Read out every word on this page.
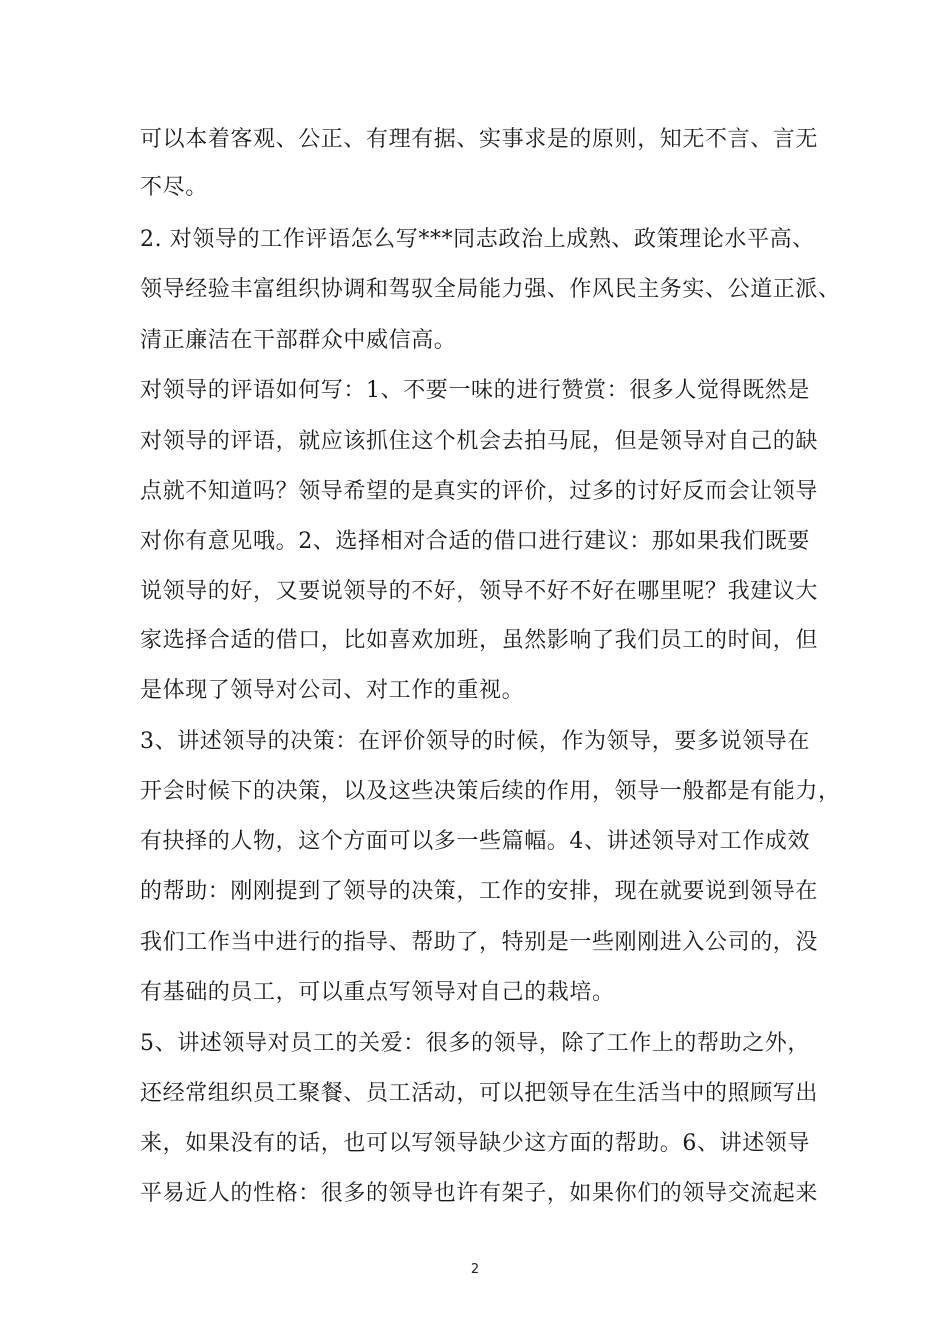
可以本着客观、公正、有理有据、实事求是的原则，知无不言、言无
不尽。
2. 对领导的工作评语怎么写***同志政治上成熟、政策理论水平高、
领导经验丰富组织协调和驾驭全局能力强、作风民主务实、公道正派、
清正廉洁在干部群众中威信高。
对领导的评语如何写：1、不要一味的进行赞赏：很多人觉得既然是
对领导的评语，就应该抓住这个机会去拍马屁，但是领导对自己的缺
点就不知道吗？领导希望的是真实的评价，过多的讨好反而会让领导
对你有意见哦。2、选择相对合适的借口进行建议：那如果我们既要
说领导的好，又要说领导的不好，领导不好不好在哪里呢？我建议大
家选择合适的借口，比如喜欢加班，虽然影响了我们员工的时间，但
是体现了领导对公司、对工作的重视。
3、讲述领导的决策：在评价领导的时候，作为领导，要多说领导在
开会时候下的决策，以及这些决策后续的作用，领导一般都是有能力，
有抉择的人物，这个方面可以多一些篇幅。4、讲述领导对工作成效
的帮助：刚刚提到了领导的决策，工作的安排，现在就要说到领导在
我们工作当中进行的指导、帮助了，特别是一些刚刚进入公司的，没
有基础的员工，可以重点写领导对自己的栽培。
5、讲述领导对员工的关爱：很多的领导，除了工作上的帮助之外，
还经常组织员工聚餐、员工活动，可以把领导在生活当中的照顾写出
来，如果没有的话，也可以写领导缺少这方面的帮助。6、讲述领导
平易近人的性格：很多的领导也许有架子，如果你们的领导交流起来
2
